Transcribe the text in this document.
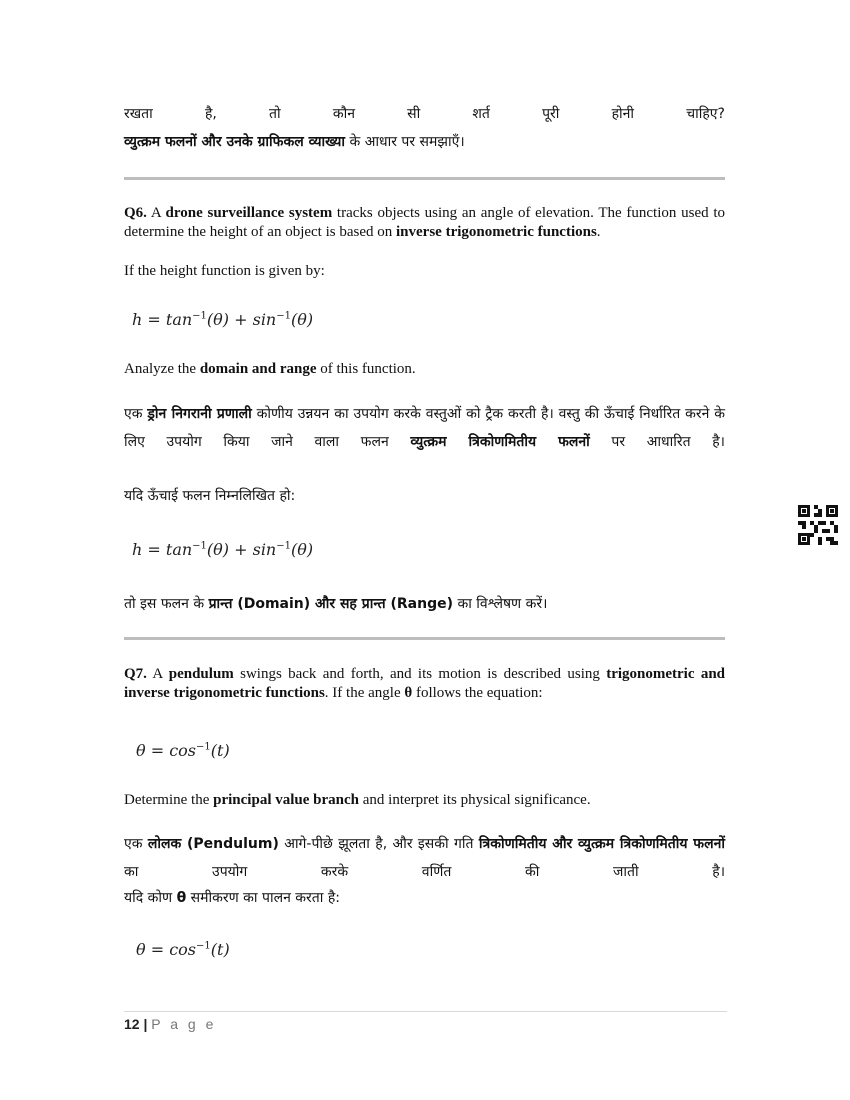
रखता	है,	तो	कौन	सी	शर्त	पूरी	होनी	चाहिए?
व्युत्क्रम फलनों और उनके ग्राफिकल व्याख्या के आधार पर समझाएँ।
Q6. A drone surveillance system tracks objects using an angle of elevation. The function used to determine the height of an object is based on inverse trigonometric functions.
If the height function is given by:
$h = \tan^{-1}(\theta) + \sin^{-1}(\theta)$
Analyze the domain and range of this function.
एक ड्रोन निगरानी प्रणाली कोणीय उन्नयन का उपयोग करके वस्तुओं को ट्रैक करती है। वस्तु की ऊँचाई निर्धारित करने के लिए उपयोग किया जाने वाला फलन व्युत्क्रम त्रिकोणमितीय फलनों पर आधारित है।
यदि ऊँचाई फलन निम्नलिखित हो:
$h = \tan^{-1}(\theta) + \sin^{-1}(\theta)$
तो इस फलन के प्रान्त (Domain) और सह प्रान्त (Range) का विश्लेषण करें।
Q7. A pendulum swings back and forth, and its motion is described using trigonometric and inverse trigonometric functions. If the angle θ follows the equation:
$\theta = \cos^{-1}(t)$
Determine the principal value branch and interpret its physical significance.
एक लोलक (Pendulum) आगे-पीछे झूलता है, और इसकी गति त्रिकोणमितीय और व्युत्क्रम त्रिकोणमितीय फलनों का उपयोग करके वर्णित की जाती है।
यदि कोण θ समीकरण का पालन करता है:
$\theta = \cos^{-1}(t)$
12 | P a g e
